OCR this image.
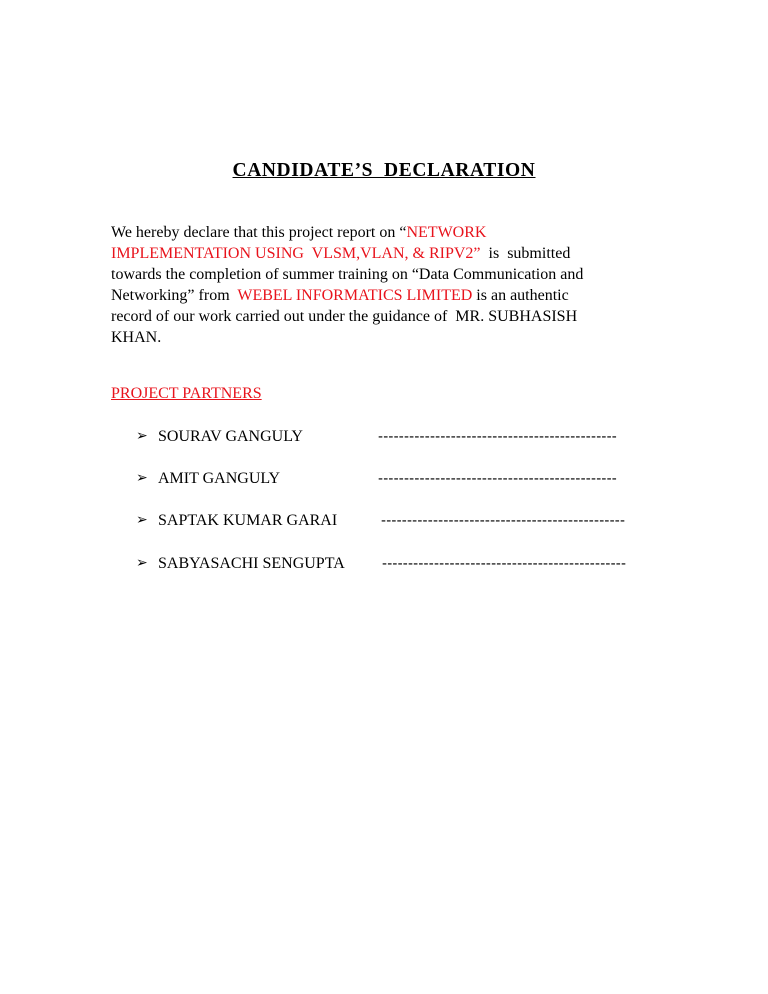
CANDIDATE’S  DECLARATION
We hereby declare that this project report on “NETWORK
IMPLEMENTATION USING  VLSM,VLAN, & RIPV2”  is  submitted
towards the completion of summer training on “Data Communication and
Networking” from  WEBEL INFORMATICS LIMITED is an authentic
record of our work carried out under the guidance of  MR. SUBHASISH
KHAN.
PROJECT PARTNERS

➢

SOURAV GANGULY

	----------------------------------------------

➢

AMIT GANGULY

	----------------------------------------------

➢

SAPTAK KUMAR GARAI

	-----------------------------------------------

➢

SABYASACHI SENGUPTA

-----------------------------------------------
